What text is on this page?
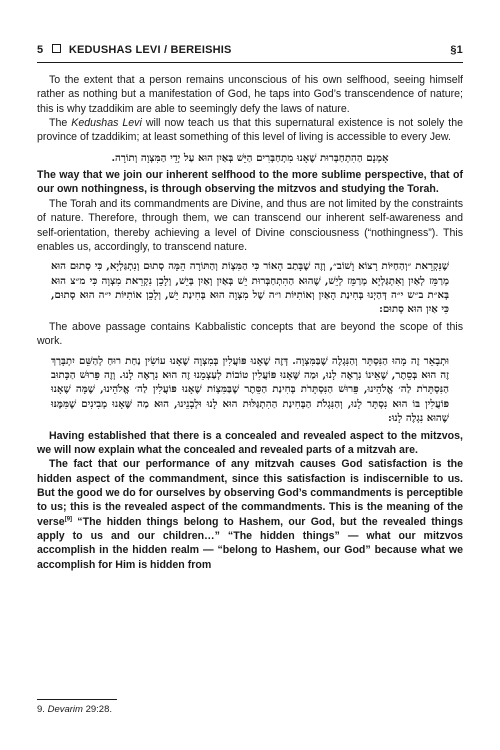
5 KEDUSHAS LEVI / BEREISHIS	§1

To the extent that a person remains unconscious of his own selfhood, seeing himself rather as nothing but a manifestation of God, he taps into God’s transcendence of nature; this is why tzaddikim are able to seemingly defy the laws of nature.

The Kedushas Levi will now teach us that this supernatural existence is not solely the province of tzaddikim; at least something of this level of living is accessible to every Jew.

אָמְנָם הַהִתְחַבְּרוּת שֶׁאָנוּ מִתְחַבְּרִים הַיֵּשׁ בְּאַיִן הוּא עַל יְדֵי הַמִּצְוָה וְתוֹרָה.

The way that we join our inherent selfhood to the more sublime perspective, that of our own nothingness, is through observing the mitzvos and studying the Torah.

The Torah and its commandments are Divine, and thus are not limited by the constraints of nature. Therefore, through them, we can transcend our inherent self-awareness and self-orientation, thereby achieving a level of Divine consciousness (“nothingness”). This enables us, accordingly, to transcend nature.

שֶׁנִּקְרֵאת ״וְהַחַיּוֹת רָצוֹא וָשׁוֹב״, וְזֶה שֶׁבָּתַב הָאוֹר כִּי הַמִּצְוֹת וְהַתּוֹרָה הֵמָּה סְתוּם וְנִתְגַּלְיָא, כִּי סְתוּם הוּא מְרַמֵּז לְאַיִן וְאִתְגַּלְיָא מְרַמֵּז לְיֵשׁ, שֶׁהוּא הַהִתְחַבְּרוּת יֵשׁ בְּאַיִן וְאַיִן בְּיֵשׁ, וְלָכֵן נִקְרֵאת מִצְוָה כִּי מ״צ הוּא בְּא״ת ב״ש י״ה דְּהַיְנוּ בְּחִינַת הָאַיִן וְאוֹתִיּוֹת ו״ה שֶׁל מִצְוָה הוּא בְּחִינַת יֵשׁ, וְלָכֵן אוֹתִיּוֹת י״ה הוּא סְתוּם, כִּי אַיִן הוּא סְתוּם:

The above passage contains Kabbalistic concepts that are beyond the scope of this work.

וּתְבָאֵר זֶה מָהוּ הַנִּסְתָּר וְהַנִּגְלֶה שֶׁבַּמִּצְוָה. דְּזֶה שֶׁאָנוּ פּוֹעֲלִין בְּמִצְוָה שֶׁאָנוּ עוֹשִׂין נַחַת רוּחַ לְהַשֵּׁם יִתְבָּרַךְ זֶה הוּא בְּסֵתֶר, שֶׁאֵינוֹ נִרְאֶה לָנוּ, וּמַה שֶּׁאָנוּ פּוֹעֲלִין טוֹבוֹת לְעַצְמֵנוּ זֶה הוּא נִרְאֶה לָנוּ. וְזֶה פֵּרוּשׁ הַכָּתוּב הַנִּסְתָּרֹת לַה׳ אֱלֹהֵינוּ, פֵּרוּשׁ הַנִּסְתָּרֹת בְּחִינַת הַסֵּתֶר שֶׁבַּמִּצְוֹת שֶׁאָנוּ פּוֹעֲלִין לַה׳ אֱלֹהֵינוּ, שֶׁמָּה שֶׁאָנוּ פּוֹעֲלִין בּוֹ הוּא נִסְתָּר לָנוּ, וְהַנִּגְלֹת הַבְּחִינַת הַהִתְגַּלּוּת הוּא לָנוּ וּלְבָנֵינוּ, הוּא מַה שֶּׁאָנוּ מְבִינִים שֶׁמִּמֶּנּוּ שֶׁהוּא נִגְלֶה לָנוּ:

Having established that there is a concealed and revealed aspect to the mitzvos, we will now explain what the concealed and revealed parts of a mitzvah are.

The fact that our performance of any mitzvah causes God satisfaction is the hidden aspect of the commandment, since this satisfaction is indiscernible to us. But the good we do for ourselves by observing God’s commandments is perceptible to us; this is the revealed aspect of the commandments. This is the meaning of the verse[9] “The hidden things belong to Hashem, our God, but the revealed things apply to us and our children…” “The hidden things” — what our mitzvos accomplish in the hidden realm — “belong to Hashem, our God” because what we accomplish for Him is hidden from

9. Devarim 29:28.
